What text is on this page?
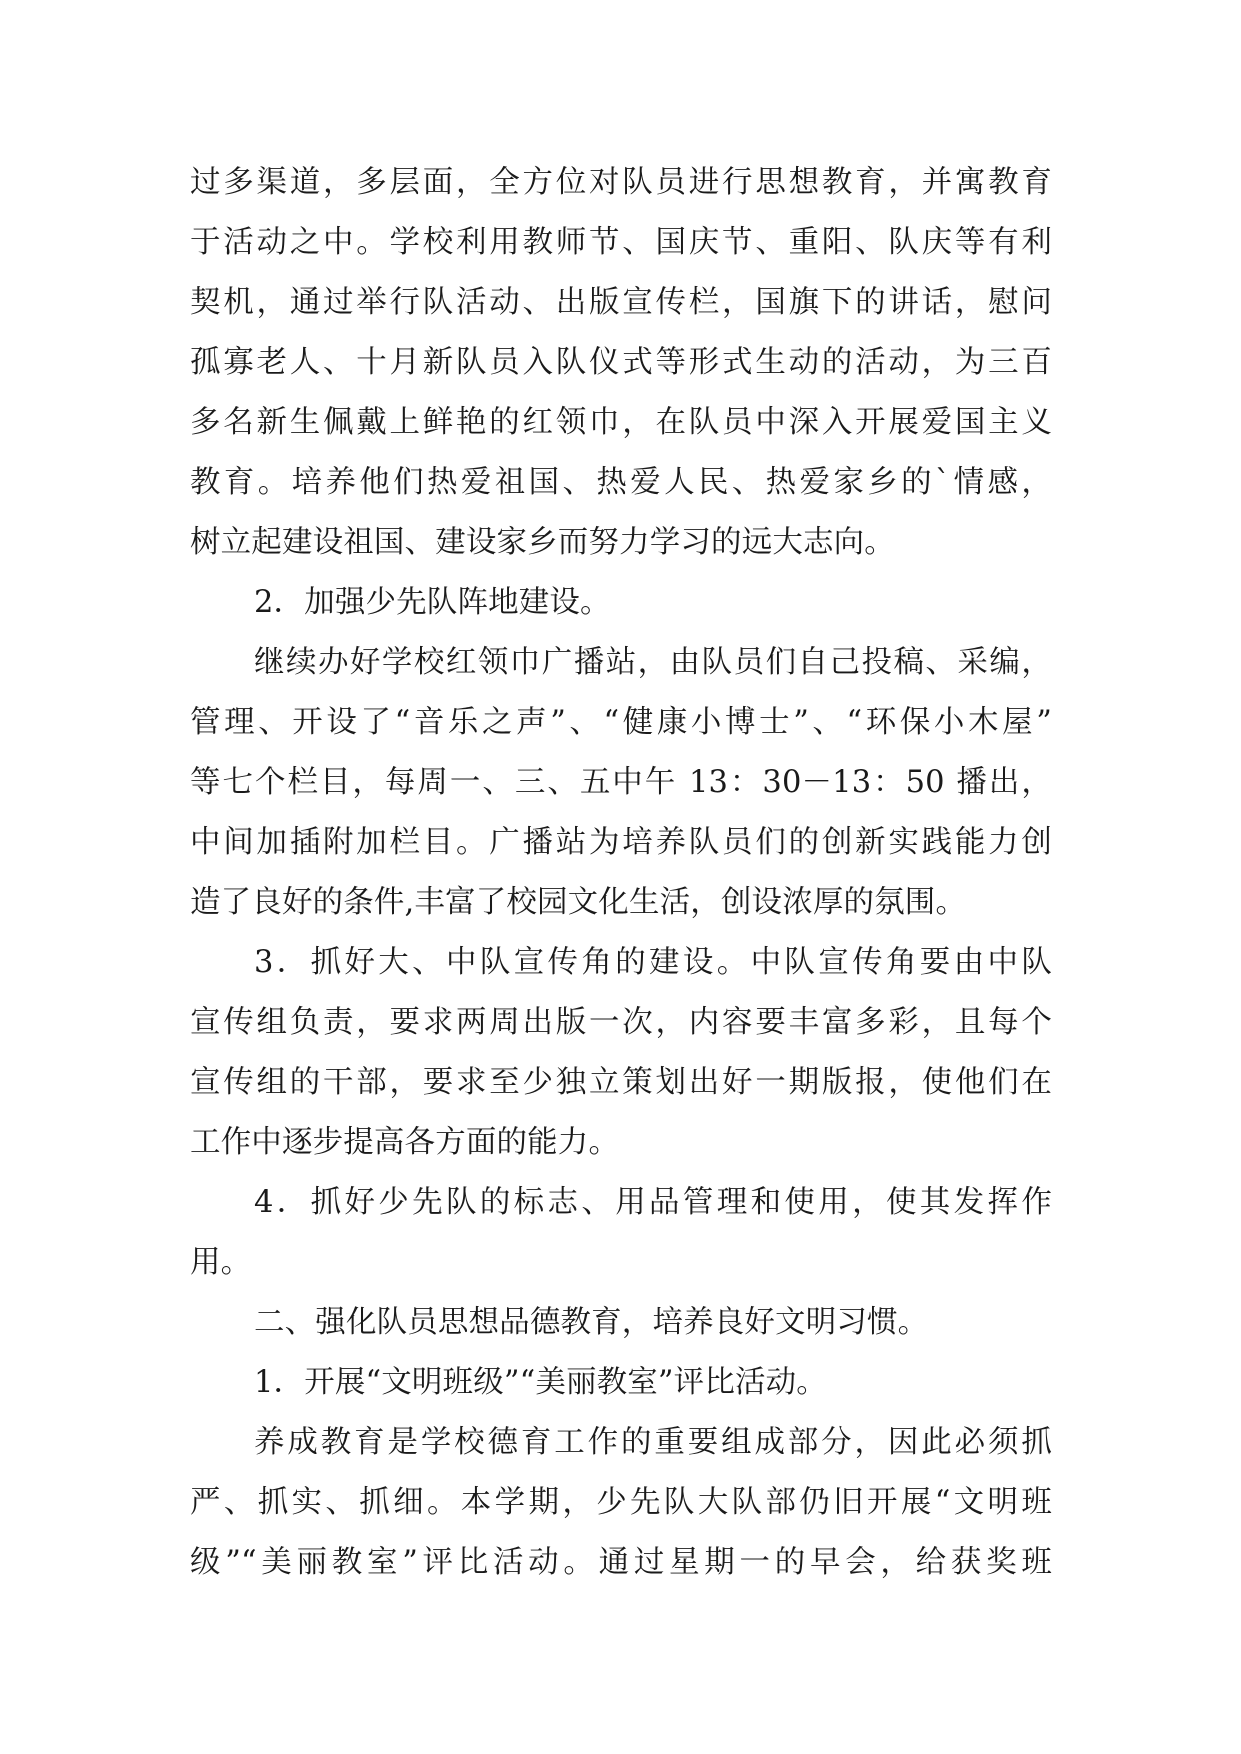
过多渠道，多层面，全方位对队员进行思想教育，并寓教育
于活动之中。学校利用教师节、国庆节、重阳、队庆等有利
契机，通过举行队活动、出版宣传栏，国旗下的讲话，慰问
孤寡老人、十月新队员入队仪式等形式生动的活动，为三百
多名新生佩戴上鲜艳的红领巾，在队员中深入开展爱国主义
教育。培养他们热爱祖国、热爱人民、热爱家乡的`情感，
树立起建设祖国、建设家乡而努力学习的远大志向。
2．加强少先队阵地建设。
继续办好学校红领巾广播站，由队员们自己投稿、采编，
管理、开设了“音乐之声”、“健康小博士”、“环保小木屋”
等七个栏目，每周一、三、五中午 13：30－13：50 播出，
中间加插附加栏目。广播站为培养队员们的创新实践能力创
造了良好的条件,丰富了校园文化生活，创设浓厚的氛围。
3．抓好大、中队宣传角的建设。中队宣传角要由中队
宣传组负责，要求两周出版一次，内容要丰富多彩，且每个
宣传组的干部，要求至少独立策划出好一期版报，使他们在
工作中逐步提高各方面的能力。
4．抓好少先队的标志、用品管理和使用，使其发挥作
用。
二、强化队员思想品德教育，培养良好文明习惯。
1．开展“文明班级”“美丽教室”评比活动。
养成教育是学校德育工作的重要组成部分，因此必须抓
严、抓实、抓细。本学期，少先队大队部仍旧开展“文明班
级”“美丽教室”评比活动。通过星期一的早会，给获奖班
